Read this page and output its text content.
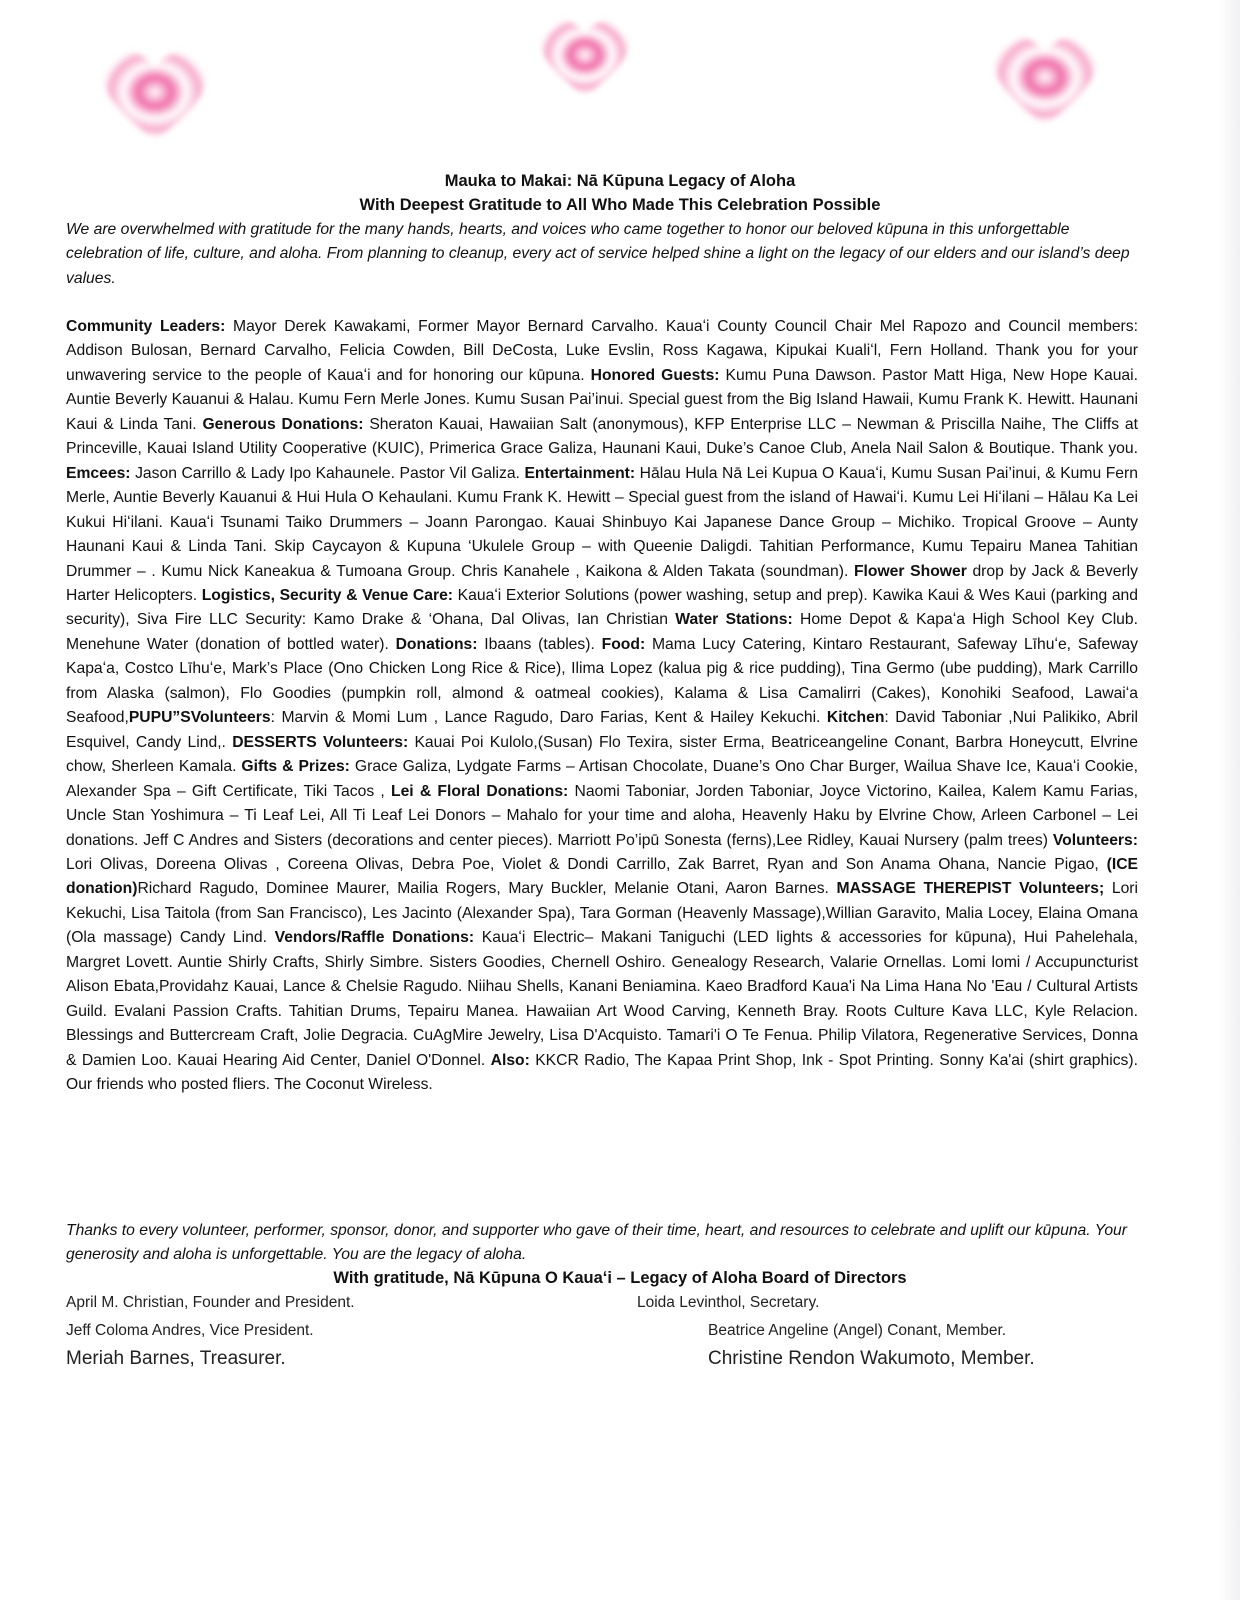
Mauka to Makai: Nā Kūpuna Legacy of Aloha
With Deepest Gratitude to All Who Made This Celebration Possible
We are overwhelmed with gratitude for the many hands, hearts, and voices who came together to honor our beloved kūpuna in this unforgettable celebration of life, culture, and aloha. From planning to cleanup, every act of service helped shine a light on the legacy of our elders and our island’s deep values.
Community Leaders: Mayor Derek Kawakami, Former Mayor Bernard Carvalho. Kauaʻi County Council Chair Mel Rapozo and Council members: Addison Bulosan, Bernard Carvalho, Felicia Cowden, Bill DeCosta, Luke Evslin, Ross Kagawa, Kipukai Kualiʻl, Fern Holland. Thank you for your unwavering service to the people of Kauaʻi and for honoring our kūpuna. Honored Guests: Kumu Puna Dawson. Pastor Matt Higa, New Hope Kauai. Auntie Beverly Kauanui & Halau. Kumu Fern Merle Jones. Kumu Susan Pai’inui. Special guest from the Big Island Hawaii, Kumu Frank K. Hewitt. Haunani Kaui & Linda Tani. Generous Donations: Sheraton Kauai, Hawaiian Salt (anonymous), KFP Enterprise LLC – Newman & Priscilla Naihe, The Cliffs at Princeville, Kauai Island Utility Cooperative (KUIC), Primerica Grace Galiza, Haunani Kaui, Duke’s Canoe Club, Anela Nail Salon & Boutique. Thank you. Emcees: Jason Carrillo & Lady Ipo Kahaunele. Pastor Vil Galiza. Entertainment: Hālau Hula Nā Lei Kupua O Kauaʻi, Kumu Susan Pai’inui, & Kumu Fern Merle, Auntie Beverly Kauanui & Hui Hula O Kehaulani. Kumu Frank K. Hewitt – Special guest from the island of Hawaiʻi. Kumu Lei Hiʻilani – Hālau Ka Lei Kukui Hiʻilani. Kauaʻi Tsunami Taiko Drummers – Joann Parongao. Kauai Shinbuyo Kai Japanese Dance Group – Michiko. Tropical Groove – Aunty Haunani Kaui & Linda Tani. Skip Caycayon & Kupuna ‘Ukulele Group – with Queenie Daligdi. Tahitian Performance, Kumu Tepairu Manea Tahitian Drummer – . Kumu Nick Kaneakua & Tumoana Group. Chris Kanahele , Kaikona & Alden Takata (soundman). Flower Shower drop by Jack & Beverly Harter Helicopters. Logistics, Security & Venue Care: Kauaʻi Exterior Solutions (power washing, setup and prep). Kawika Kaui & Wes Kaui (parking and security), Siva Fire LLC Security: Kamo Drake & ‘Ohana, Dal Olivas, Ian Christian Water Stations: Home Depot & Kapaʻa High School Key Club. Menehune Water (donation of bottled water). Donations: Ibaans (tables). Food: Mama Lucy Catering, Kintaro Restaurant, Safeway Līhuʻe, Safeway Kapaʻa, Costco Līhuʻe, Mark’s Place (Ono Chicken Long Rice & Rice), Ilima Lopez (kalua pig & rice pudding), Tina Germo (ube pudding), Mark Carrillo from Alaska (salmon), Flo Goodies (pumpkin roll, almond & oatmeal cookies), Kalama & Lisa Camalirri (Cakes), Konohiki Seafood, Lawaiʻa Seafood,PUPU”SVolunteers: Marvin & Momi Lum , Lance Ragudo, Daro Farias, Kent & Hailey Kekuchi. Kitchen: David Taboniar ,Nui Palikiko, Abril Esquivel, Candy Lind,. DESSERTS Volunteers: Kauai Poi Kulolo,(Susan) Flo Texira, sister Erma, Beatriceangeline Conant, Barbra Honeycutt, Elvrine chow, Sherleen Kamala. Gifts & Prizes: Grace Galiza, Lydgate Farms – Artisan Chocolate, Duane’s Ono Char Burger, Wailua Shave Ice, Kauaʻi Cookie, Alexander Spa – Gift Certificate, Tiki Tacos , Lei & Floral Donations: Naomi Taboniar, Jorden Taboniar, Joyce Victorino, Kailea, Kalem Kamu Farias, Uncle Stan Yoshimura – Ti Leaf Lei, All Ti Leaf Lei Donors – Mahalo for your time and aloha, Heavenly Haku by Elvrine Chow, Arleen Carbonel – Lei donations. Jeff C Andres and Sisters (decorations and center pieces). Marriott Po’ipū Sonesta (ferns),Lee Ridley, Kauai Nursery (palm trees) Volunteers: Lori Olivas, Doreena Olivas , Coreena Olivas, Debra Poe, Violet & Dondi Carrillo, Zak Barret, Ryan and Son Anama Ohana, Nancie Pigao, (ICE donation)Richard Ragudo, Dominee Maurer, Mailia Rogers, Mary Buckler, Melanie Otani, Aaron Barnes. MASSAGE THEREPIST Volunteers; Lori Kekuchi, Lisa Taitola (from San Francisco), Les Jacinto (Alexander Spa), Tara Gorman (Heavenly Massage),Willian Garavito, Malia Locey, Elaina Omana (Ola massage) Candy Lind. Vendors/Raffle Donations: Kauaʻi Electric– Makani Taniguchi (LED lights & accessories for kūpuna), Hui Pahelehala, Margret Lovett. Auntie Shirly Crafts, Shirly Simbre. Sisters Goodies, Chernell Oshiro. Genealogy Research, Valarie Ornellas. Lomi lomi / Accupuncturist Alison Ebata,Providahz Kauai, Lance & Chelsie Ragudo. Niihau Shells, Kanani Beniamina. Kaeo Bradford Kaua'i Na Lima Hana No 'Eau / Cultural Artists Guild. Evalani Passion Crafts. Tahitian Drums, Tepairu Manea. Hawaiian Art Wood Carving, Kenneth Bray. Roots Culture Kava LLC, Kyle Relacion. Blessings and Buttercream Craft, Jolie Degracia. CuAgMire Jewelry, Lisa D'Acquisto. Tamari'i O Te Fenua. Philip Vilatora, Regenerative Services, Donna & Damien Loo. Kauai Hearing Aid Center, Daniel O'Donnel. Also: KKCR Radio, The Kapaa Print Shop, Ink - Spot Printing. Sonny Ka'ai (shirt graphics). Our friends who posted fliers. The Coconut Wireless.
Thanks to every volunteer, performer, sponsor, donor, and supporter who gave of their time, heart, and resources to celebrate and uplift our kūpuna. Your generosity and aloha is unforgettable. You are the legacy of aloha.
With gratitude, Nā Kūpuna O Kauaʻi – Legacy of Aloha Board of Directors
April M. Christian, Founder and President.	Loida Levinthol, Secretary.
Jeff Coloma Andres, Vice President.	Beatrice Angeline (Angel) Conant, Member.
Meriah Barnes, Treasurer.	Christine Rendon Wakumoto, Member.
